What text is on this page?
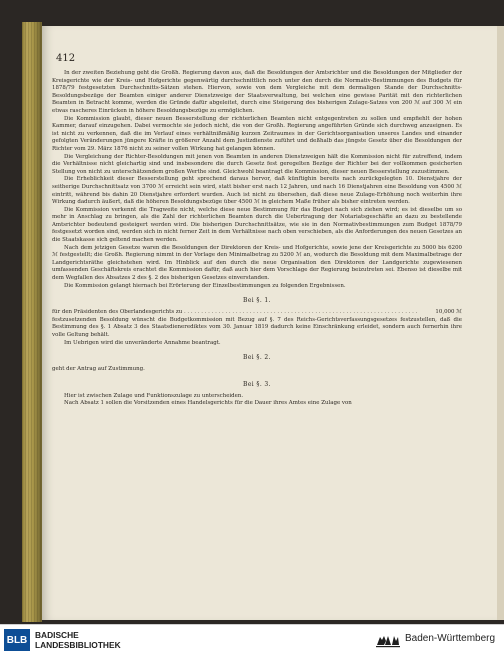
412

In der zweiten Beziehung geht die Großh. Regierung davon aus, daß die Besoldungen der Amtsrichter und die Besoldungen der Mitglieder der Kreisgerichte wie der Kreis- und Hofgerichte gegenwärtig durchschnittlich noch unter den durch die Normativ-Bestimmungen des Budgets für 1878/79 festgesetzten Durchschnitts-Sätzen stehen. Hiervon, sowie von dem Vergleiche mit dem dermaligen Stande der Durchschnitts-Besoldungsbezüge der Beamten einiger anderer Dienstzweige der Staatsverwaltung, bei welchen eine gewisse Parität mit den richterlichen Beamten in Betracht komme, werden die Gründe dafür abgeleitet, durch eine Steigerung des bisherigen Zulage-Satzes von 200 ℳ auf 300 ℳ ein etwas rascheres Einrücken in höhere Besoldungsbezüge zu ermöglichen.

Die Kommission glaubt, dieser neuen Besserstellung der richterlichen Beamten nicht entgegentreten zu sollen und empfiehlt der hohen Kammer, darauf einzugehen. Dabei vermochte sie jedoch nicht, die von der Großh. Regierung angeführten Gründe sich durchweg anzueignen. Es ist nicht zu verkennen, daß die im Verlauf eines verhältnißmäßig kurzen Zeitraumes in der Gerichtsorganisation unseres Landes und einander gefolgten Veränderungen jüngere Kräfte in größerer Anzahl dem Justizdienste zuführt und deßhalb das jüngste Gesetz über die Besoldungen der Richter vom 29. März 1876 nicht zu seiner vollen Wirkung hat gelangen können.

Die Vergleichung der Richter-Besoldungen mit jenen von Beamten in anderen Dienstzweigen hält die Kommission nicht für zutreffend, indem die Verhältnisse nicht gleichartig sind und insbesondere die durch Gesetz fest geregelten Bezüge der Richter bei der vollkommen gesicherten Stellung von nicht zu unterschätzendem großen Werthe sind. Gleichwohl beantragt die Kommission, dieser neuen Besserstellung zuzustimmen.

Die Erheblichkeit dieser Besserstellung geht sprechend daraus hervor, daß künftighin bereits nach zurückgelegten 10. Dienstjahre der seitherige Durchschnittsatz von 3700 ℳ erreicht sein wird, statt bisher erst nach 12 Jahren, und nach 16 Dienstjahren eine Besoldung von 4500 ℳ eintritt, während bis dahin 20 Dienstjahre erfordert wurden. Auch ist nicht zu übersehen, daß diese neue Zulage-Erhöhung noch weiterhin ihre Wirkung dadurch äußert, daß die höheren Besoldungsbezüge über 4500 ℳ in gleichem Maße früher als bisher eintreten werden.

Die Kommission verkennt die Tragweite nicht, welche diese neue Bestimmung für das Budget nach sich ziehen wird; es ist dieselbe um so mehr in Anschlag zu bringen, als die Zahl der richterlichen Beamten durch die Uebertragung der Notariatsgeschäfte an dazu zu bestellende Amtsrichter bedeutend gesteigert werden wird. Die bisherigen Durchschnittsätze, wie sie in den Normativbestimmungen zum Budget 1878/79 festgesetzt worden sind, werden sich in nicht ferner Zeit in dem Verhältnisse nach oben verschieben, als die Anforderungen des neuen Gesetzes an die Staatskasse sich geltend machen werden.

Nach dem jetzigen Gesetze waren die Besoldungen der Direktoren der Kreis- und Hofgerichte, sowie jene der Kreisgerichte zu 5000 bis 6200 ℳ festgestellt; die Großh. Regierung nimmt in der Vorlage den Minimalbetrag zu 5200 ℳ an, wodurch die Besoldung mit dem Maximalbetrage der Landgerichtsräthe gleichstehen wird. Im Hinblick auf den durch die neue Organisation den Direktoren der Landgerichte zugewiesenen umfassenden Geschäftskreis erachtet die Kommission dafür, daß auch hier dem Vorschlage der Regierung beizutreten sei. Ebenso ist dieselbe mit dem Wegfallen des Absatzes 2 des §. 2 des bisherigen Gesetzes einverstanden.

Die Kommission gelangt hiernach bei Erörterung der Einzelbestimmungen zu folgenden Ergebnissen.

Bei §. 1.
für den Präsidenten des Oberlandesgerichts zu . . . . . . . . . . . . . . . . . . . . . . . . . . . . . . . . . . . . . . . . . . . . . . . . . . . . . . . . . . . . . . . . . . . .	10,000 ℳ

festzusetzenden Besoldung wünscht die Budgetkommission mit Bezug auf §. 7 des Reichs-Gerichtsverfassungsgesetzes festzustellen, daß die Bestimmung des §. 1 Absatz 3 des Staatsdienerediktes vom 30. Januar 1819 dadurch keine Einschränkung erleidet, sondern auch fernerhin ihre volle Geltung behält.

Im Uebrigen wird die unveränderte Annahme beantragt.

Bei §. 2.

geht der Antrag auf Zustimmung.

Bei §. 3.

Hier ist zwischen Zulage und Funktionszulage zu unterscheiden.

Nach Absatz 1 sollen die Vorsitzenden eines Handelsgerichts für die Dauer ihres Amtes eine Zulage von

BLB BADISCHE
LANDESBIBLIOTHEK
Baden-Württemberg
